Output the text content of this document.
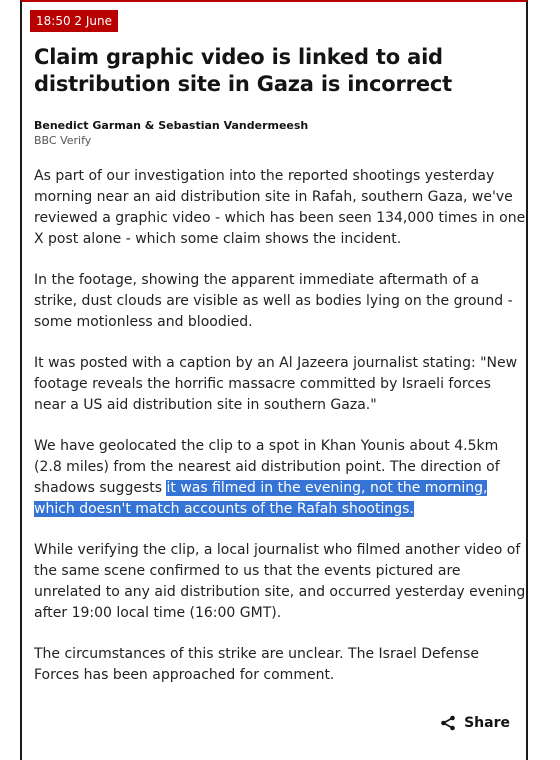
18:50 2 June
Claim graphic video is linked to aid distribution site in Gaza is incorrect
Benedict Garman & Sebastian Vandermeesh
BBC Verify

As part of our investigation into the reported shootings yesterday morning near an aid distribution site in Rafah, southern Gaza, we've reviewed a graphic video - which has been seen 134,000 times in one X post alone - which some claim shows the incident.

In the footage, showing the apparent immediate aftermath of a strike, dust clouds are visible as well as bodies lying on the ground - some motionless and bloodied.

It was posted with a caption by an Al Jazeera journalist stating: "New footage reveals the horrific massacre committed by Israeli forces near a US aid distribution site in southern Gaza."

We have geolocated the clip to a spot in Khan Younis about 4.5km (2.8 miles) from the nearest aid distribution point. The direction of shadows suggests it was filmed in the evening, not the morning, which doesn't match accounts of the Rafah shootings.

While verifying the clip, a local journalist who filmed another video of the same scene confirmed to us that the events pictured are unrelated to any aid distribution site, and occurred yesterday evening after 19:00 local time (16:00 GMT).

The circumstances of this strike are unclear. The Israel Defense Forces has been approached for comment.

Share
